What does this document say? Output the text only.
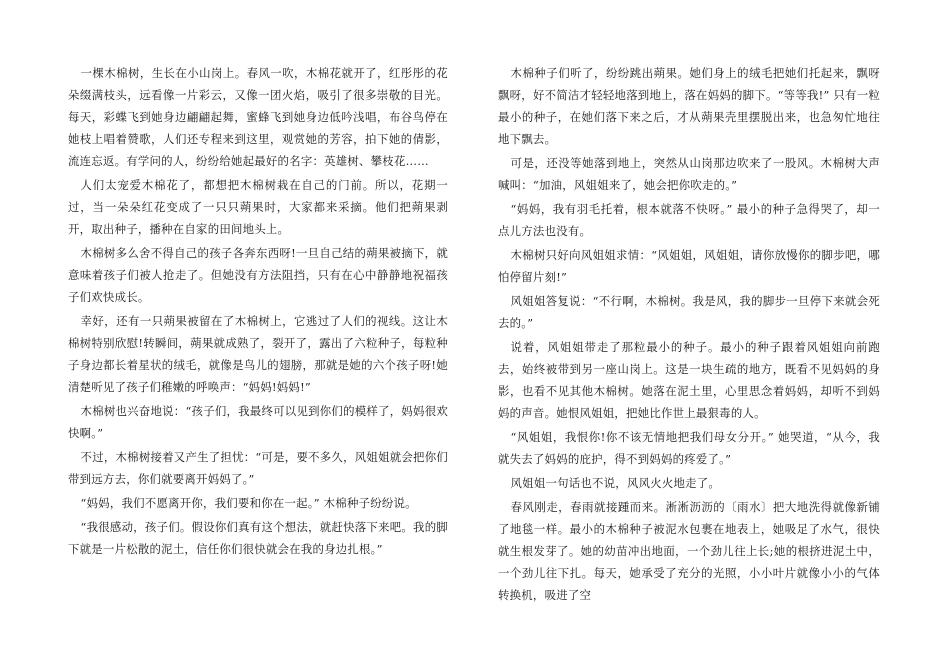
一棵木棉树，生长在小山岗上。春风一吹，木棉花就开了，红彤彤的花朵缀满枝头，远看像一片彩云，又像一团火焰，吸引了很多崇敬的目光。每天，彩蝶飞到她身边翩翩起舞，蜜蜂飞到她身边低吟浅唱，布谷鸟停在她枝上唱着赞歌，人们还专程来到这里，观赏她的芳容，拍下她的倩影，流连忘返。有学问的人，纷纷给她起最好的名字：英雄树、攀枝花……

人们太宠爱木棉花了，都想把木棉树栽在自己的门前。所以，花期一过，当一朵朵红花变成了一只只蒴果时，大家都来采摘。他们把蒴果剥开，取出种子，播种在自家的田间地头上。

木棉树多么舍不得自己的孩子各奔东西呀!一旦自己结的蒴果被摘下，就意味着孩子们被人抢走了。但她没有方法阻挡，只有在心中静静地祝福孩子们欢快成长。

幸好，还有一只蒴果被留在了木棉树上，它逃过了人们的视线。这让木棉树特别欣慰!转瞬间，蒴果就成熟了，裂开了，露出了六粒种子，每粒种子身边都长着星状的绒毛，就像是鸟儿的翅膀，那就是她的六个孩子呀!她清楚听见了孩子们稚嫩的呼唤声：“妈妈!妈妈!”

木棉树也兴奋地说：“孩子们，我最终可以见到你们的模样了，妈妈很欢快啊。”

不过，木棉树接着又产生了担忧：“可是，要不多久，风姐姐就会把你们带到远方去，你们就要离开妈妈了。”

“妈妈，我们不愿离开你，我们要和你在一起。” 木棉种子纷纷说。

“我很感动，孩子们。假设你们真有这个想法，就赶快落下来吧。我的脚下就是一片松散的泥土，信任你们很快就会在我的身边扎根。”

木棉种子们听了，纷纷跳出蒴果。她们身上的绒毛把她们托起来，飘呀飘呀，好不简洁才轻轻地落到地上，落在妈妈的脚下。“等等我!” 只有一粒最小的种子，在她们落下来之后，才从蒴果壳里摆脱出来，也急匆忙地往地下飘去。

可是，还没等她落到地上，突然从山岗那边吹来了一股风。木棉树大声喊叫：“加油，风姐姐来了，她会把你吹走的。”

“妈妈，我有羽毛托着，根本就落不快呀。” 最小的种子急得哭了，却一点儿方法也没有。

木棉树只好向风姐姐求情：“风姐姐，风姐姐，请你放慢你的脚步吧，哪怕停留片刻!”

风姐姐答复说：“不行啊，木棉树。我是风，我的脚步一旦停下来就会死去的。”

说着，风姐姐带走了那粒最小的种子。最小的种子跟着风姐姐向前跑去，始终被带到另一座山岗上。这是一块生疏的地方，既看不见妈妈的身影，也看不见其他木棉树。她落在泥土里，心里思念着妈妈，却听不到妈妈的声音。她恨风姐姐，把她比作世上最狠毒的人。

“风姐姐，我恨你!你不该无情地把我们母女分开。” 她哭道，“从今，我就失去了妈妈的庇护，得不到妈妈的疼爱了。”

风姐姐一句话也不说，风风火火地走了。

春风刚走，春雨就接踵而来。淅淅沥沥的〔雨水〕把大地洗得就像新铺了地毯一样。最小的木棉种子被泥水包裹在地表上，她吸足了水气，很快就生根发芽了。她的幼苗冲出地面，一个劲儿往上长;她的根挤进泥土中，一个劲儿往下扎。每天，她承受了充分的光照，小小叶片就像小小的气体转换机，吸进了空
